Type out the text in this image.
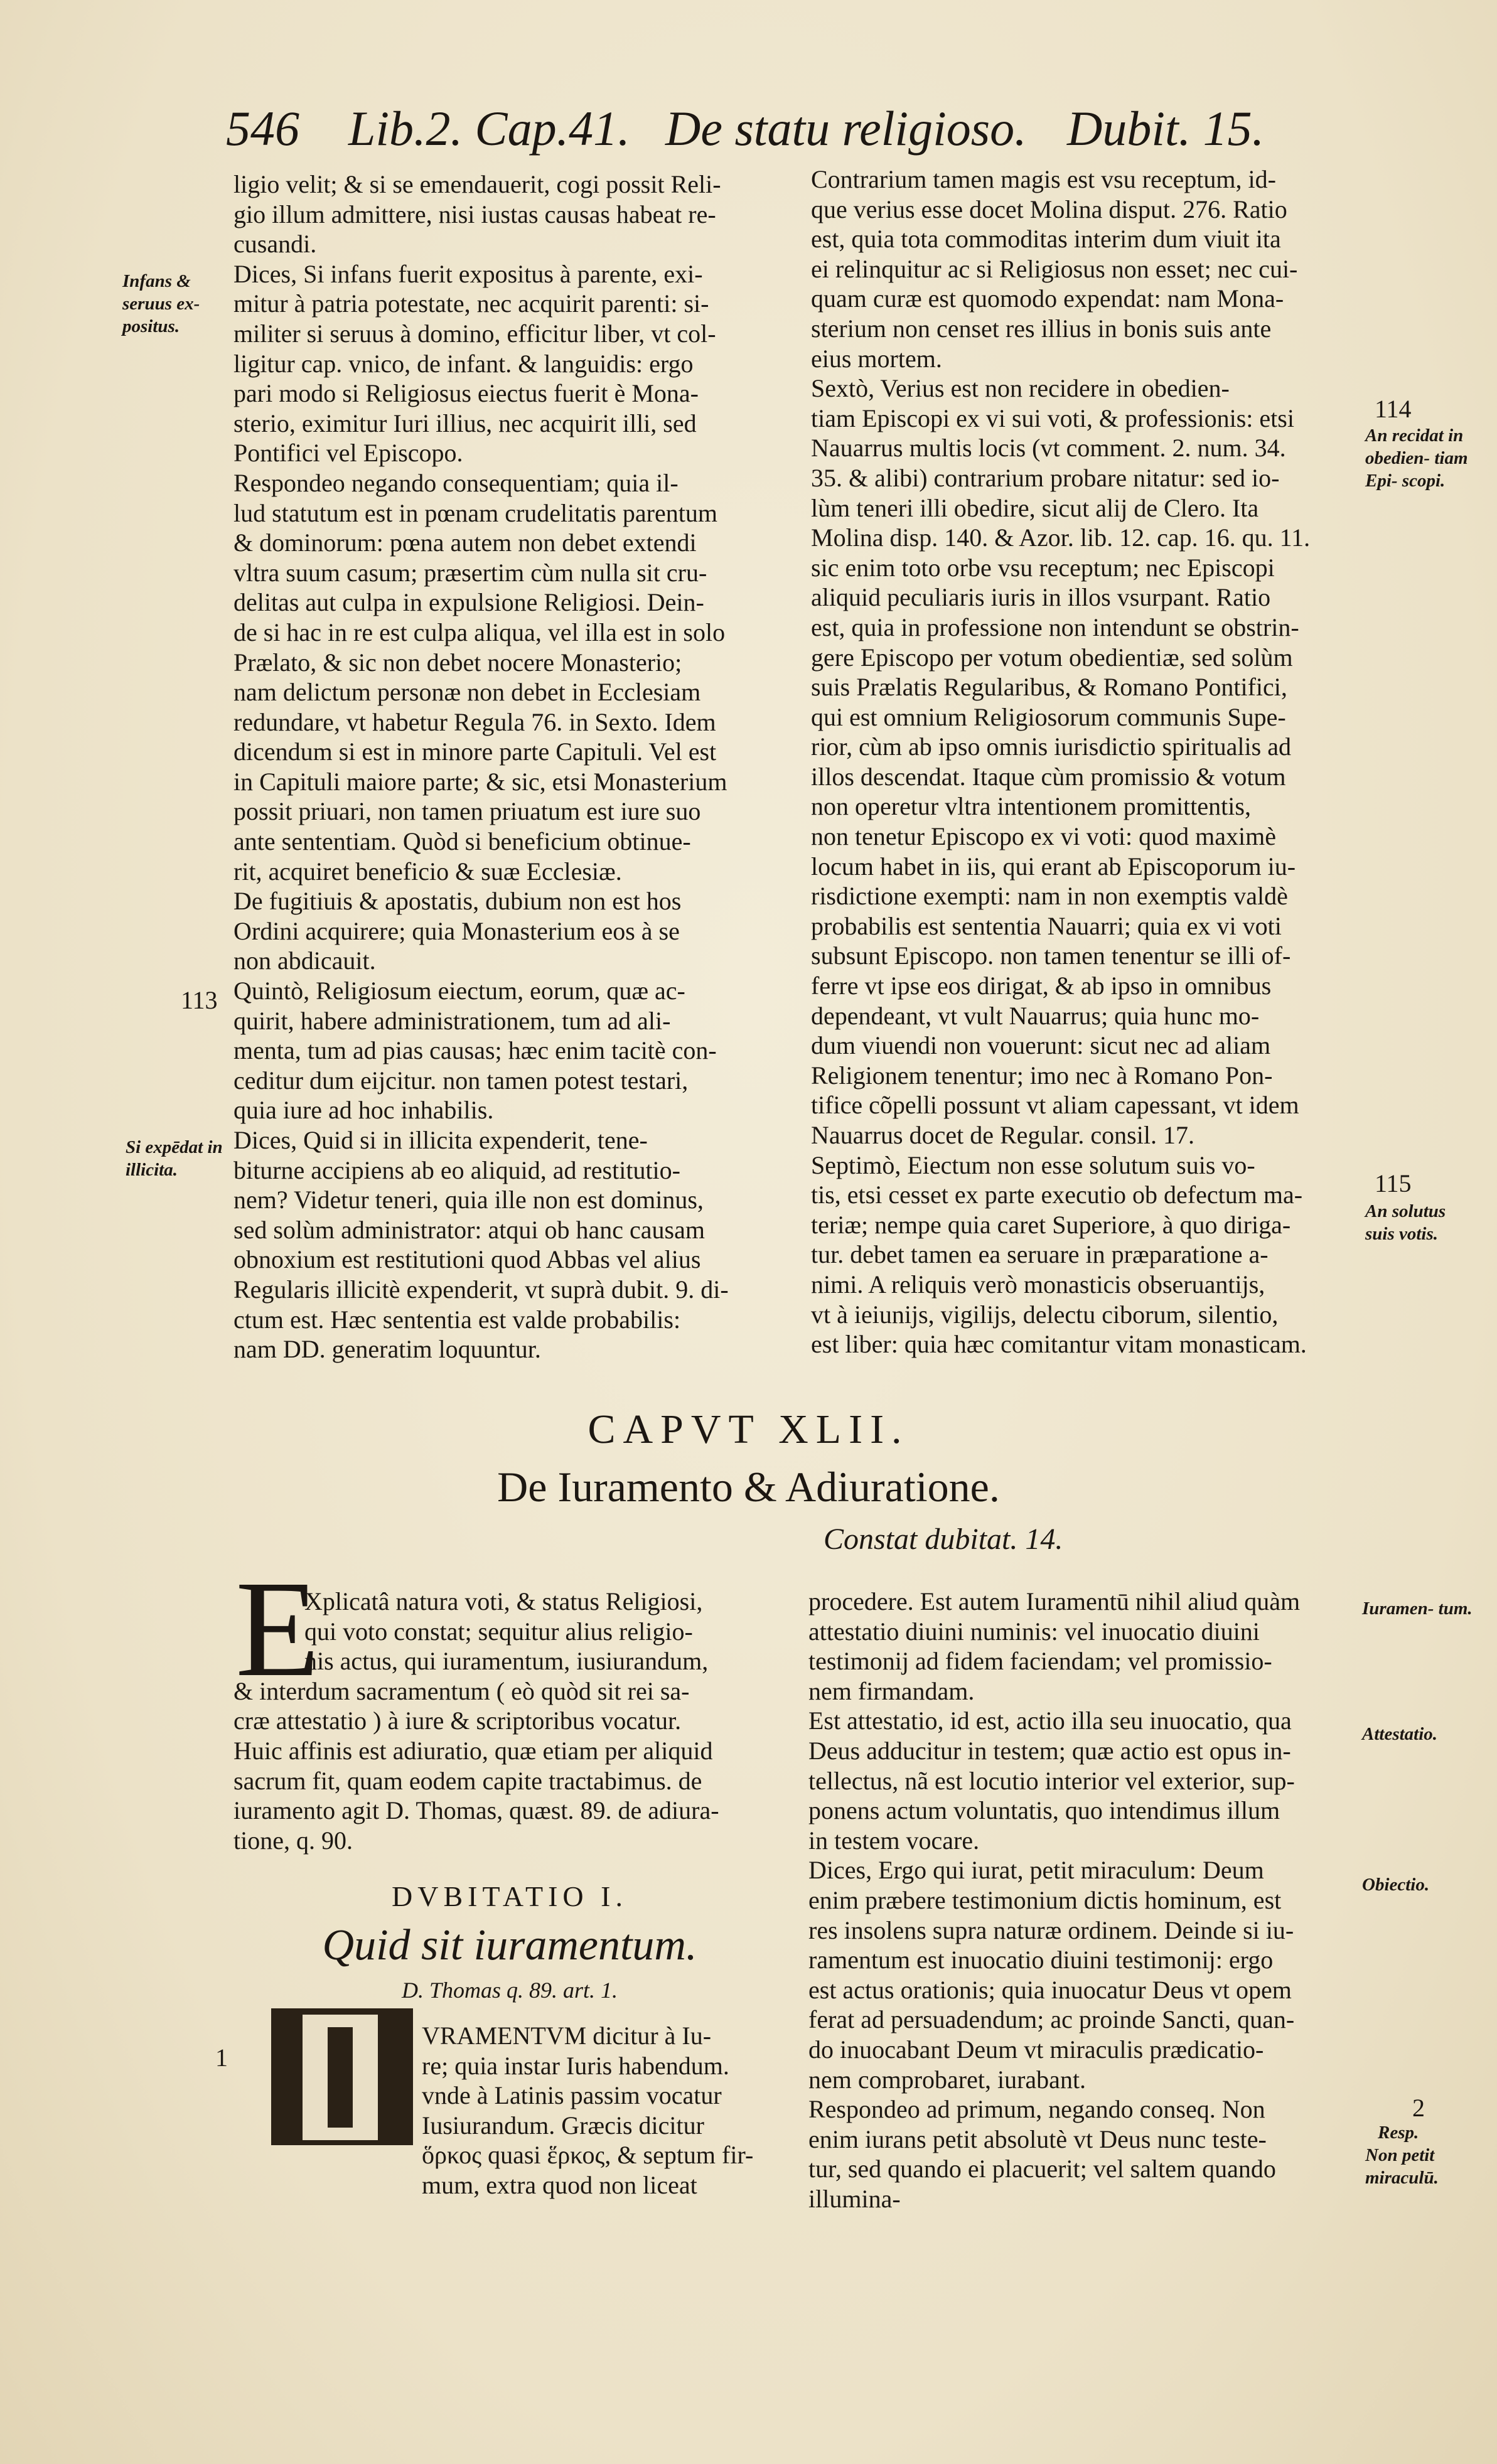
546 Lib.2. Cap.41. De statu religioso. Dubit. 15.
ligio velit; & si se emendauerit, cogi possit Reli-
gio illum admittere, nisi iustas causas habeat re-
cusandi.
Dices, Si infans fuerit expositus à parente, exi-
mitur à patria potestate, nec acquirit parenti: si-
militer si seruus à domino, efficitur liber, vt col-
ligitur cap. vnico, de infant. & languidis: ergo
pari modo si Religiosus eiectus fuerit è Mona-
sterio, eximitur Iuri illius, nec acquirit illi, sed
Pontifici vel Episcopo.
Respondeo negando consequentiam; quia il-
lud statutum est in pœnam crudelitatis parentum
& dominorum: pœna autem non debet extendi
vltra suum casum; præsertim cùm nulla sit cru-
delitas aut culpa in expulsione Religiosi. Dein-
de si hac in re est culpa aliqua, vel illa est in solo
Prælato, & sic non debet nocere Monasterio;
nam delictum personæ non debet in Ecclesiam
redundare, vt habetur Regula 76. in Sexto. Idem
dicendum si est in minore parte Capituli. Vel est
in Capituli maiore parte; & sic, etsi Monasterium
possit priuari, non tamen priuatum est iure suo
ante sententiam. Quòd si beneficium obtinue-
rit, acquiret beneficio & suæ Ecclesiæ.
De fugitiuis & apostatis, dubium non est hos
Ordini acquirere; quia Monasterium eos à se
non abdicauit.
Quintò, Religiosum eiectum, eorum, quæ ac-
quirit, habere administrationem, tum ad ali-
menta, tum ad pias causas; hæc enim tacitè con-
ceditur dum eijcitur. non tamen potest testari,
quia iure ad hoc inhabilis.
Dices, Quid si in illicita expenderit, tene-
biturne accipiens ab eo aliquid, ad restitutio-
nem? Videtur teneri, quia ille non est dominus,
sed solùm administrator: atqui ob hanc causam
obnoxium est restitutioni quod Abbas vel alius
Regularis illicitè expenderit, vt suprà dubit. 9. di-
ctum est. Hæc sententia est valde probabilis:
nam DD. generatim loquuntur.
Contrarium tamen magis est vsu receptum, id-
que verius esse docet Molina disput. 276. Ratio
est, quia tota commoditas interim dum viuit ita
ei relinquitur ac si Religiosus non esset; nec cui-
quam curæ est quomodo expendat: nam Mona-
sterium non censet res illius in bonis suis ante
eius mortem.
Sextò, Verius est non recidere in obedien-
tiam Episcopi ex vi sui voti, & professionis: etsi
Nauarrus multis locis (vt comment. 2. num. 34.
35. & alibi) contrarium probare nitatur: sed io-
lùm teneri illi obedire, sicut alij de Clero. Ita
Molina disp. 140. & Azor. lib. 12. cap. 16. qu. 11.
sic enim toto orbe vsu receptum; nec Episcopi
aliquid peculiaris iuris in illos vsurpant. Ratio
est, quia in professione non intendunt se obstrin-
gere Episcopo per votum obedientiæ, sed solùm
suis Prælatis Regularibus, & Romano Pontifici,
qui est omnium Religiosorum communis Supe-
rior, cùm ab ipso omnis iurisdictio spiritualis ad
illos descendat. Itaque cùm promissio & votum
non operetur vltra intentionem promittentis,
non tenetur Episcopo ex vi voti: quod maximè
locum habet in iis, qui erant ab Episcoporum iu-
risdictione exempti: nam in non exemptis valdè
probabilis est sententia Nauarri; quia ex vi voti
subsunt Episcopo. non tamen tenentur se illi of-
ferre vt ipse eos dirigat, & ab ipso in omnibus
dependeant, vt vult Nauarrus; quia hunc mo-
dum viuendi non vouerunt: sicut nec ad aliam
Religionem tenentur; imo nec à Romano Pon-
tifice cõpelli possunt vt aliam capessant, vt idem
Nauarrus docet de Regular. consil. 17.
Septimò, Eiectum non esse solutum suis vo-
tis, etsi cesset ex parte executio ob defectum ma-
teriæ; nempe quia caret Superiore, à quo diriga-
tur. debet tamen ea seruare in præparatione a-
nimi. A reliquis verò monasticis obseruantijs,
vt à ieiunijs, vigilijs, delectu ciborum, silentio,
est liber: quia hæc comitantur vitam monasticam.
Infans & seruus ex- positus.
113
Si expēdat in illicita.
114
An recidat in obedien- tiam Epi- scopi.
115
An solutus suis votis.
CAPVT XLII.
De Iuramento & Adiuratione.
Constat dubitat. 14.
E
Xplicatâ natura voti, & status Religiosi,
qui voto constat; sequitur alius religio-
nis actus, qui iuramentum, iusiurandum,
& interdum sacramentum ( eò quòd sit rei sa-
cræ attestatio ) à iure & scriptoribus vocatur.
Huic affinis est adiuratio, quæ etiam per aliquid
sacrum fit, quam eodem capite tractabimus. de
iuramento agit D. Thomas, quæst. 89. de adiura-
tione, q. 90.
DVBITATIO I.
Quid sit iuramentum.
D. Thomas q. 89. art. 1.
1
VRAMENTVM dicitur à Iu-
re; quia instar Iuris habendum.
vnde à Latinis passim vocatur
Iusiurandum. Græcis dicitur
ὅρκος quasi ἕρκος, & septum fir-
mum, extra quod non liceat
procedere. Est autem Iuramentū nihil aliud quàm
attestatio diuini numinis: vel inuocatio diuini
testimonij ad fidem faciendam; vel promissio-
nem firmandam.
Est attestatio, id est, actio illa seu inuocatio, qua
Deus adducitur in testem; quæ actio est opus in-
tellectus, nã est locutio interior vel exterior, sup-
ponens actum voluntatis, quo intendimus illum
in testem vocare.
Dices, Ergo qui iurat, petit miraculum: Deum
enim præbere testimonium dictis hominum, est
res insolens supra naturæ ordinem. Deinde si iu-
ramentum est inuocatio diuini testimonij: ergo
est actus orationis; quia inuocatur Deus vt opem
ferat ad persuadendum; ac proinde Sancti, quan-
do inuocabant Deum vt miraculis prædicatio-
nem comprobaret, iurabant.
Respondeo ad primum, negando conseq. Non
enim iurans petit absolutè vt Deus nunc teste-
tur, sed quando ei placuerit; vel saltem quando
illumina-
Iuramen- tum.
Attestatio.
Obiectio.
2
Resp.
Non petit miraculū.
